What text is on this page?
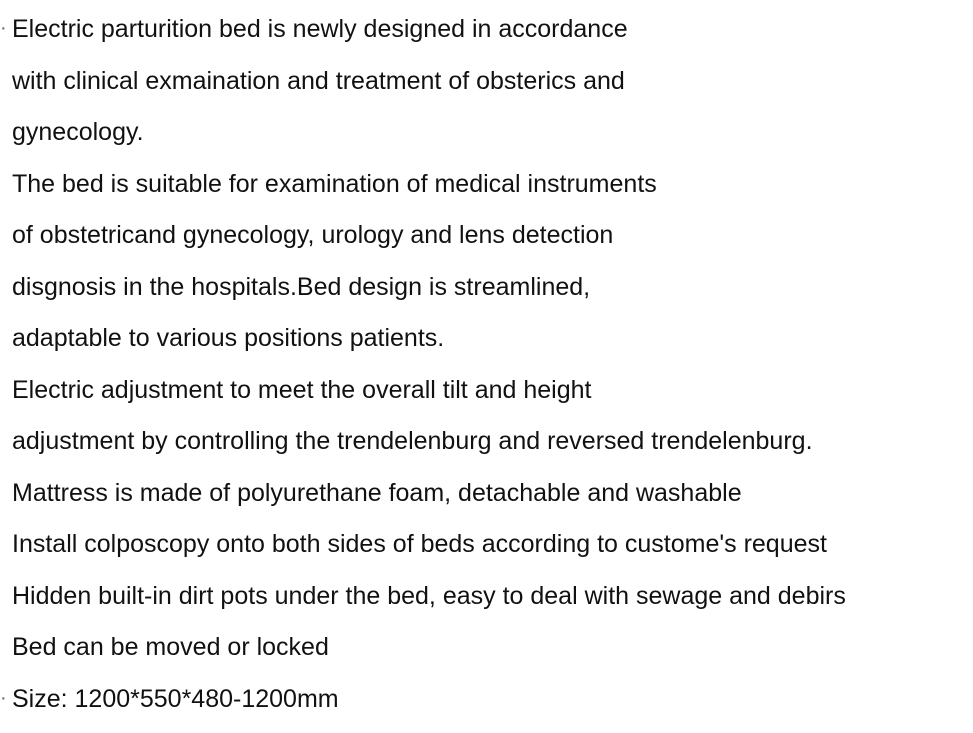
· Electric parturition bed is newly designed in accordance
with clinical exmaination and treatment of obsterics and
gynecology.
The bed is suitable for examination of medical instruments
of obstetricand gynecology, urology and lens detection
disgnosis in the hospitals.Bed design is streamlined,
adaptable to various positions patients.
Electric adjustment to meet the overall tilt and height
adjustment by controlling the trendelenburg and reversed trendelenburg.
Mattress is made of polyurethane foam, detachable and washable
Install colposcopy onto both sides of beds according to custome's request
Hidden built-in dirt pots under the bed, easy to deal with sewage and debirs
Bed can be moved or locked
· Size: 1200*550*480-1200mm
